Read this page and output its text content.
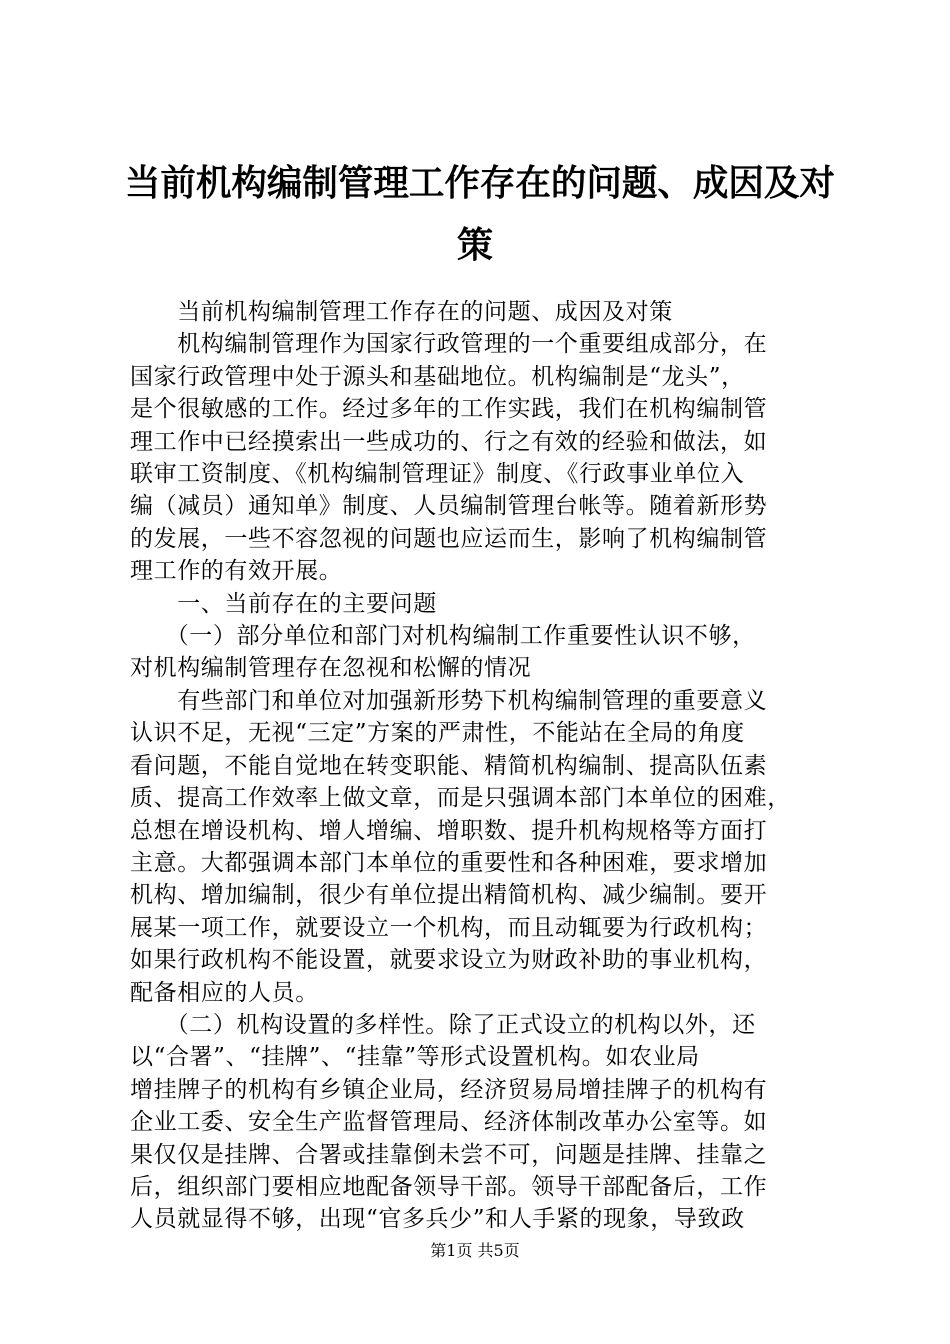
当前机构编制管理工作存在的问题、成因及对
策
　　当前机构编制管理工作存在的问题、成因及对策
　　机构编制管理作为国家行政管理的一个重要组成部分，在
国家行政管理中处于源头和基础地位。机构编制是“龙头”，
是个很敏感的工作。经过多年的工作实践，我们在机构编制管
理工作中已经摸索出一些成功的、行之有效的经验和做法，如
联审工资制度、《机构编制管理证》制度、《行政事业单位入
编（减员）通知单》制度、人员编制管理台帐等。随着新形势
的发展，一些不容忽视的问题也应运而生，影响了机构编制管
理工作的有效开展。
　　一、当前存在的主要问题
　　（一）部分单位和部门对机构编制工作重要性认识不够，
对机构编制管理存在忽视和松懈的情况
　　有些部门和单位对加强新形势下机构编制管理的重要意义
认识不足，无视“三定”方案的严肃性，不能站在全局的角度
看问题，不能自觉地在转变职能、精简机构编制、提高队伍素
质、提高工作效率上做文章，而是只强调本部门本单位的困难，
总想在增设机构、增人增编、增职数、提升机构规格等方面打
主意。大都强调本部门本单位的重要性和各种困难，要求增加
机构、增加编制，很少有单位提出精简机构、减少编制。要开
展某一项工作，就要设立一个机构，而且动辄要为行政机构；
如果行政机构不能设置，就要求设立为财政补助的事业机构，
配备相应的人员。
　　（二）机构设置的多样性。除了正式设立的机构以外，还
以“合署”、“挂牌”、“挂靠”等形式设置机构。如农业局
增挂牌子的机构有乡镇企业局，经济贸易局增挂牌子的机构有
企业工委、安全生产监督管理局、经济体制改革办公室等。如
果仅仅是挂牌、合署或挂靠倒未尝不可，问题是挂牌、挂靠之
后，组织部门要相应地配备领导干部。领导干部配备后，工作
人员就显得不够，出现“官多兵少”和人手紧的现象，导致政
第1页 共5页
